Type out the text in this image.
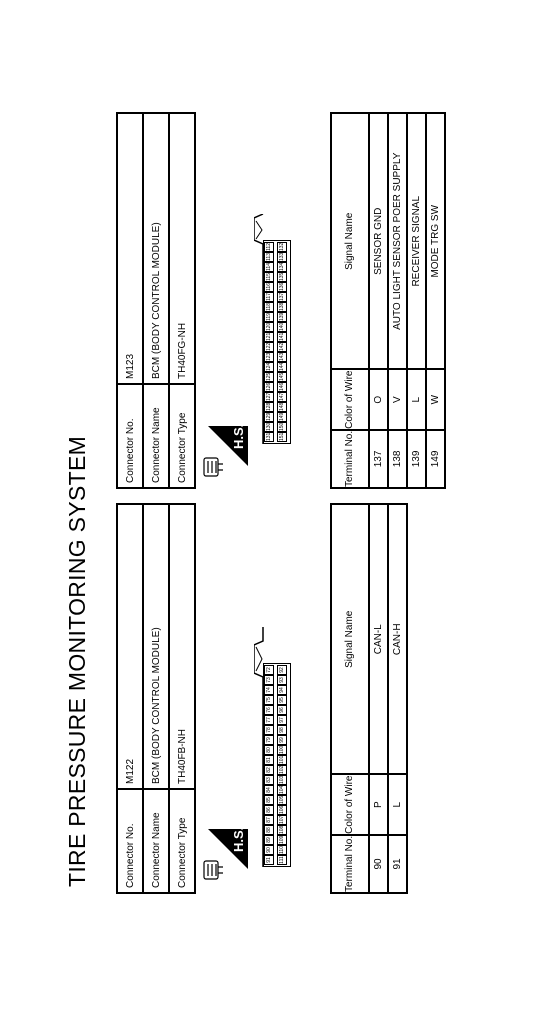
TIRE PRESSURE MONITORING SYSTEM	Connector No.	M122
Connector Name	BCM (BODY CONTROL MODULE)
Connector Type	TH40FB-NH
H.S.
91
90
89
88
87
86
85
84
83
82
81
80
79
78
77
76
75
74
73
72
111
110
109
108
107
106
105
104
103
102
101
100
99
98
97
96
95
94
93
92
Terminal No.	Color of Wire	Signal Name
90	P	CAN-L
91	L	CAN-H
Connector No.	M123
Connector Name	BCM (BODY CONTROL MODULE)
Connector Type	TH40FG-NH
H.S.	131
130
129
128
127
126
125
124
123
122
121
120
119
118
117
116
115
114
113
112
151
150
149
148
147
146
145
144
143
142
141
140
139
138
137
136
135
134
133
132
Terminal No.	Color of Wire	Signal Name
137	O	SENSOR GND
138	V	AUTO LIGHT SENSOR POER SUPPLY
139	L	RECEIVER SIGNAL
149	W	MODE TRG SW
